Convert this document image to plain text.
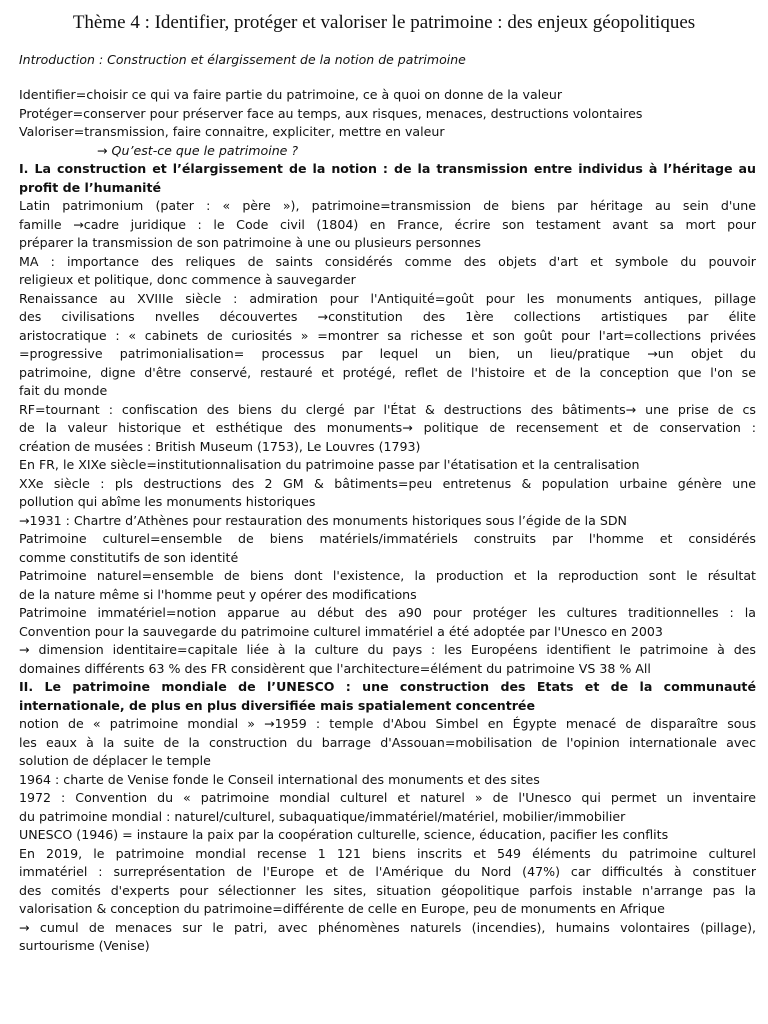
Thème 4 : Identifier, protéger et valoriser le patrimoine : des enjeux géopolitiques
Introduction : Construction et élargissement de la notion de patrimoine
Identifier=choisir ce qui va faire partie du patrimoine, ce à quoi on donne de la valeur
Protéger=conserver pour préserver face au temps, aux risques, menaces, destructions volontaires
Valoriser=transmission, faire connaitre, expliciter, mettre en valeur
→ Qu’est-ce que le patrimoine ?
I. La construction et l’élargissement de la notion : de la transmission entre individus à l’héritage au
profit de l’humanité
Latin patrimonium (pater : « père »), patrimoine=transmission de biens par héritage au sein d'une
famille →cadre juridique : le Code civil (1804) en France, écrire son testament avant sa mort pour
préparer la transmission de son patrimoine à une ou plusieurs personnes
MA : importance des reliques de saints considérés comme des objets d'art et symbole du pouvoir
religieux et politique, donc commence à sauvegarder
Renaissance au XVIIIe siècle : admiration pour l'Antiquité=goût pour les monuments antiques, pillage
des civilisations nvelles découvertes →constitution des 1ère collections artistiques par élite
aristocratique : « cabinets de curiosités » =montrer sa richesse et son goût pour l'art=collections privées
=progressive patrimonialisation= processus par lequel un bien, un lieu/pratique →un objet du
patrimoine, digne d'être conservé, restauré et protégé, reflet de l'histoire et de la conception que l'on se
fait du monde
RF=tournant : confiscation des biens du clergé par l'État & destructions des bâtiments→ une prise de cs
de la valeur historique et esthétique des monuments→ politique de recensement et de conservation :
création de musées : British Museum (1753), Le Louvres (1793)
En FR, le XIXe siècle=institutionnalisation du patrimoine passe par l'étatisation et la centralisation
XXe siècle : pls destructions des 2 GM & bâtiments=peu entretenus & population urbaine génère une
pollution qui abîme les monuments historiques
→1931 : Chartre d’Athènes pour restauration des monuments historiques sous l’égide de la SDN
Patrimoine culturel=ensemble de biens matériels/immatériels construits par l'homme et considérés
comme constitutifs de son identité
Patrimoine naturel=ensemble de biens dont l'existence, la production et la reproduction sont le résultat
de la nature même si l'homme peut y opérer des modifications
Patrimoine immatériel=notion apparue au début des a90 pour protéger les cultures traditionnelles : la
Convention pour la sauvegarde du patrimoine culturel immatériel a été adoptée par l'Unesco en 2003
→ dimension identitaire=capitale liée à la culture du pays : les Européens identifient le patrimoine à des
domaines différents 63 % des FR considèrent que l'architecture=élément du patrimoine VS 38 % All
II. Le patrimoine mondiale de l’UNESCO : une construction des Etats et de la communauté
internationale, de plus en plus diversifiée mais spatialement concentrée
notion de « patrimoine mondial » →1959 : temple d'Abou Simbel en Égypte menacé de disparaître sous
les eaux à la suite de la construction du barrage d'Assouan=mobilisation de l'opinion internationale avec
solution de déplacer le temple
1964 : charte de Venise fonde le Conseil international des monuments et des sites
1972 : Convention du « patrimoine mondial culturel et naturel » de l'Unesco qui permet un inventaire
du patrimoine mondial : naturel/culturel, subaquatique/immatériel/matériel, mobilier/immobilier
UNESCO (1946) = instaure la paix par la coopération culturelle, science, éducation, pacifier les conflits
En 2019, le patrimoine mondial recense 1 121 biens inscrits et 549 éléments du patrimoine culturel
immatériel : surreprésentation de l'Europe et de l'Amérique du Nord (47%) car difficultés à constituer
des comités d'experts pour sélectionner les sites, situation géopolitique parfois instable n'arrange pas la
valorisation & conception du patrimoine=différente de celle en Europe, peu de monuments en Afrique
→ cumul de menaces sur le patri, avec phénomènes naturels (incendies), humains volontaires (pillage),
surtourisme (Venise)
